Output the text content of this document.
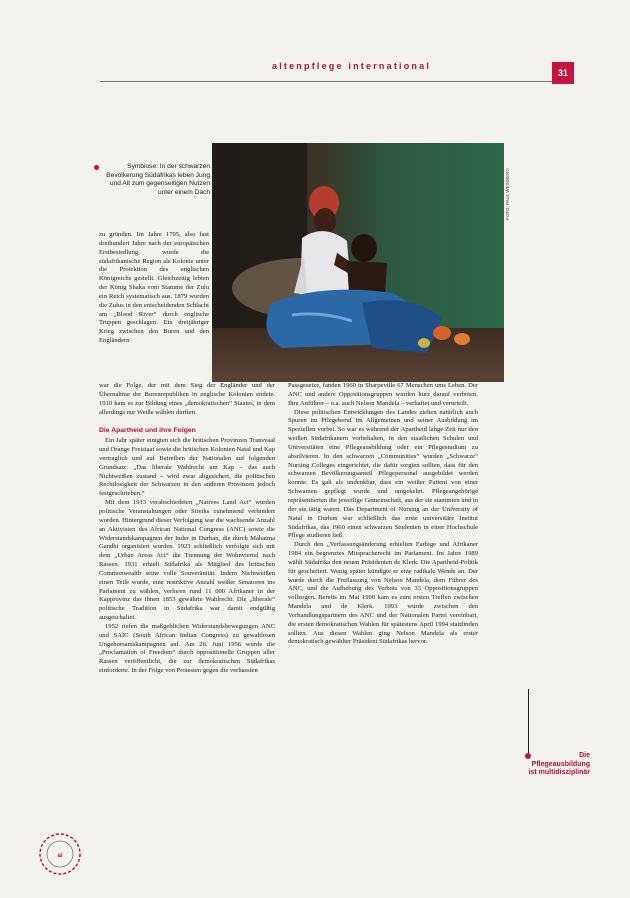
altenpflege international
31
FOTO: PAUL WEINBERG
Symbiose: In der schwarzen Bevölkerung Südafrikas leben Jung und Alt zum gegenseitigen Nutzen unter einem Dach

zu gründen. Im Jahre 1795, also fast dreihundert Jahre nach der europäischen Erstbesiedlung, wurde die südafrikanische Region als Kolonie unter die Protektion des englischen Königreichs gestellt. Gleichzeitig lebten der König Shaka vom Stamme der Zulu ein Reich systematisch aus. 1879 wurden die Zulus in den entscheidenden Schlacht am „Blood River“ durch englische Truppen geschlagen. Ein dreijähriger Krieg zwischen den Buren und den Engländern

war die Folge, der mit dem Sieg der Engländer und der Übernahme der Burenrepubliken in englische Kolonien endete. 1910 kam es zur Bildung eines „demokratischen“ Staates, in dem allerdings nur Weiße wählen durften.

Die Apartheid und ihre Folgen

Ein Jahr später einigten sich die britischen Provinzen Transvaal und Orange Freistaat sowie die britischen Kolonien Natal und Kap vertraglich und auf Betreiben der Nationalen auf folgenden Grundsatz: „Das liberale Wahlrecht am Kap – das auch Nichtweißen zustand – wird zwar abgesichert, die politischen Rechtlosigkeit der Schwarzen in den anderen Provinzen jedoch festgeschrieben.“

Mit dem 1913 verabschiedeten „Natives Land Act“ wurden politische Veranstaltungen oder Streiks zunehmend verhindert worden. Hintergrund dieser Verfolgung war die wachsende Anzahl an Aktivisten des African National Congress (ANC) sowie die Widerstandskampagnen der Inder in Durban, die durch Mahatma Gandhi organisiert wurden. 1923 schließlich verfolgte sich mit dem „Urban Areas Act“ die Trennung der Wohnviertel nach Rassen. 1931 erhielt Südafrika als Mitglied des britischen Commonwealth seine volle Souveränität. Indem Nichtweißen einen Teile wurde, eine restriktive Anzahl weißer Senatoren ins Parlament zu wählen, verloren rund 11 000 Afrikaner in der Kapprovinz das ihnen 1853 gewährte Wahlrecht. Die „liberale“ politische Tradition in Südafrika war damit endgültig ausgeschaltet.

1952 riefen die maßgeblichen Widerstandsbewegungen ANC und SAIC (South African Indian Congress) zu gewaltlosen Ungehorsamskampagnen auf. Am 26. Juni 1956 wurde die „Proclamation of Freedom“ durch oppositionelle Gruppen aller Rassen veröffentlicht, die zur demokratischen Südafrikas einforderte. In der Folge von Protesten gegen die verhassten

Passgesetze, fanden 1960 in Sharpeville 67 Menschen ums Leben. Der ANC und andere Oppositionsgruppen wurden kurz darauf verboten. Ihre Anführer – u.a. auch Nelson Mandela – verhaftet und verurteilt.

Diese politischen Entwicklungen des Landes ziehen natürlich auch Spuren im Pflegeberuf im Allgemeinen und seiner Ausbildung im Speziellen vorbei. So war es während der Apartheid lange Zeit nur den weißen Südafrikanern vorbehalten, in den staatlichen Schulen und Universitäten eine Pflegeausbildung oder ein Pflegestudium zu absolvieren. In den schwarzen „Communities“ wurden „Schwarze“ Nursing Colleges eingerichtet, die dafür sorgten sollten, dass für den schwarzen Bevölkerungsanteil Pflegepersonal ausgebildet werden konnte. Es galt als undenkbar, dass ein weißer Patient von einer Schwarzen gepflegt wurde und umgekehrt. Pflegeangehörige repräsentierten die jeweilige Gemeinschaft, aus der sie stammten und in der sie tätig waren. Das Department of Nursing an der University of Natal in Durban war schließlich das erste universitäre Institut Südafrikas, das 1960 einen schwarzen Studenten in einer Hochschule Pflege studieren ließ.

Durch den „Verfassungsänderung erhielten Farbige und Afrikaner 1984 ein begrenztes Mitspracherecht im Parlament. Im Jahre 1989 wählt Südafrika den neuen Präsidenten de Klerk. Die Apartheid-Politik für gescheitert. Wenig später kündigte er eine radikale Wende an. Der wurde durch die Freilassung von Nelson Mandela, dem Führer des ANC, und die Aufhebung des Verbots von 33 Oppositionsgruppen vollzogen. Bereits im Mai 1990 kam es zum ersten Treffen zwischen Mandela und de Klerk. 1993 wurde zwischen den Verhandlungspartnern des ANC und der Nationalen Partei vereinbart, die ersten demokratischen Wahlen für spätestens April 1994 stattfinden sollten. Aus diesen Wahlen ging Nelson Mandela als erster demokratisch gewählter Präsident Südafrikas hervor.

Die Pflegeausbildung ist multidisziplinär
ai
